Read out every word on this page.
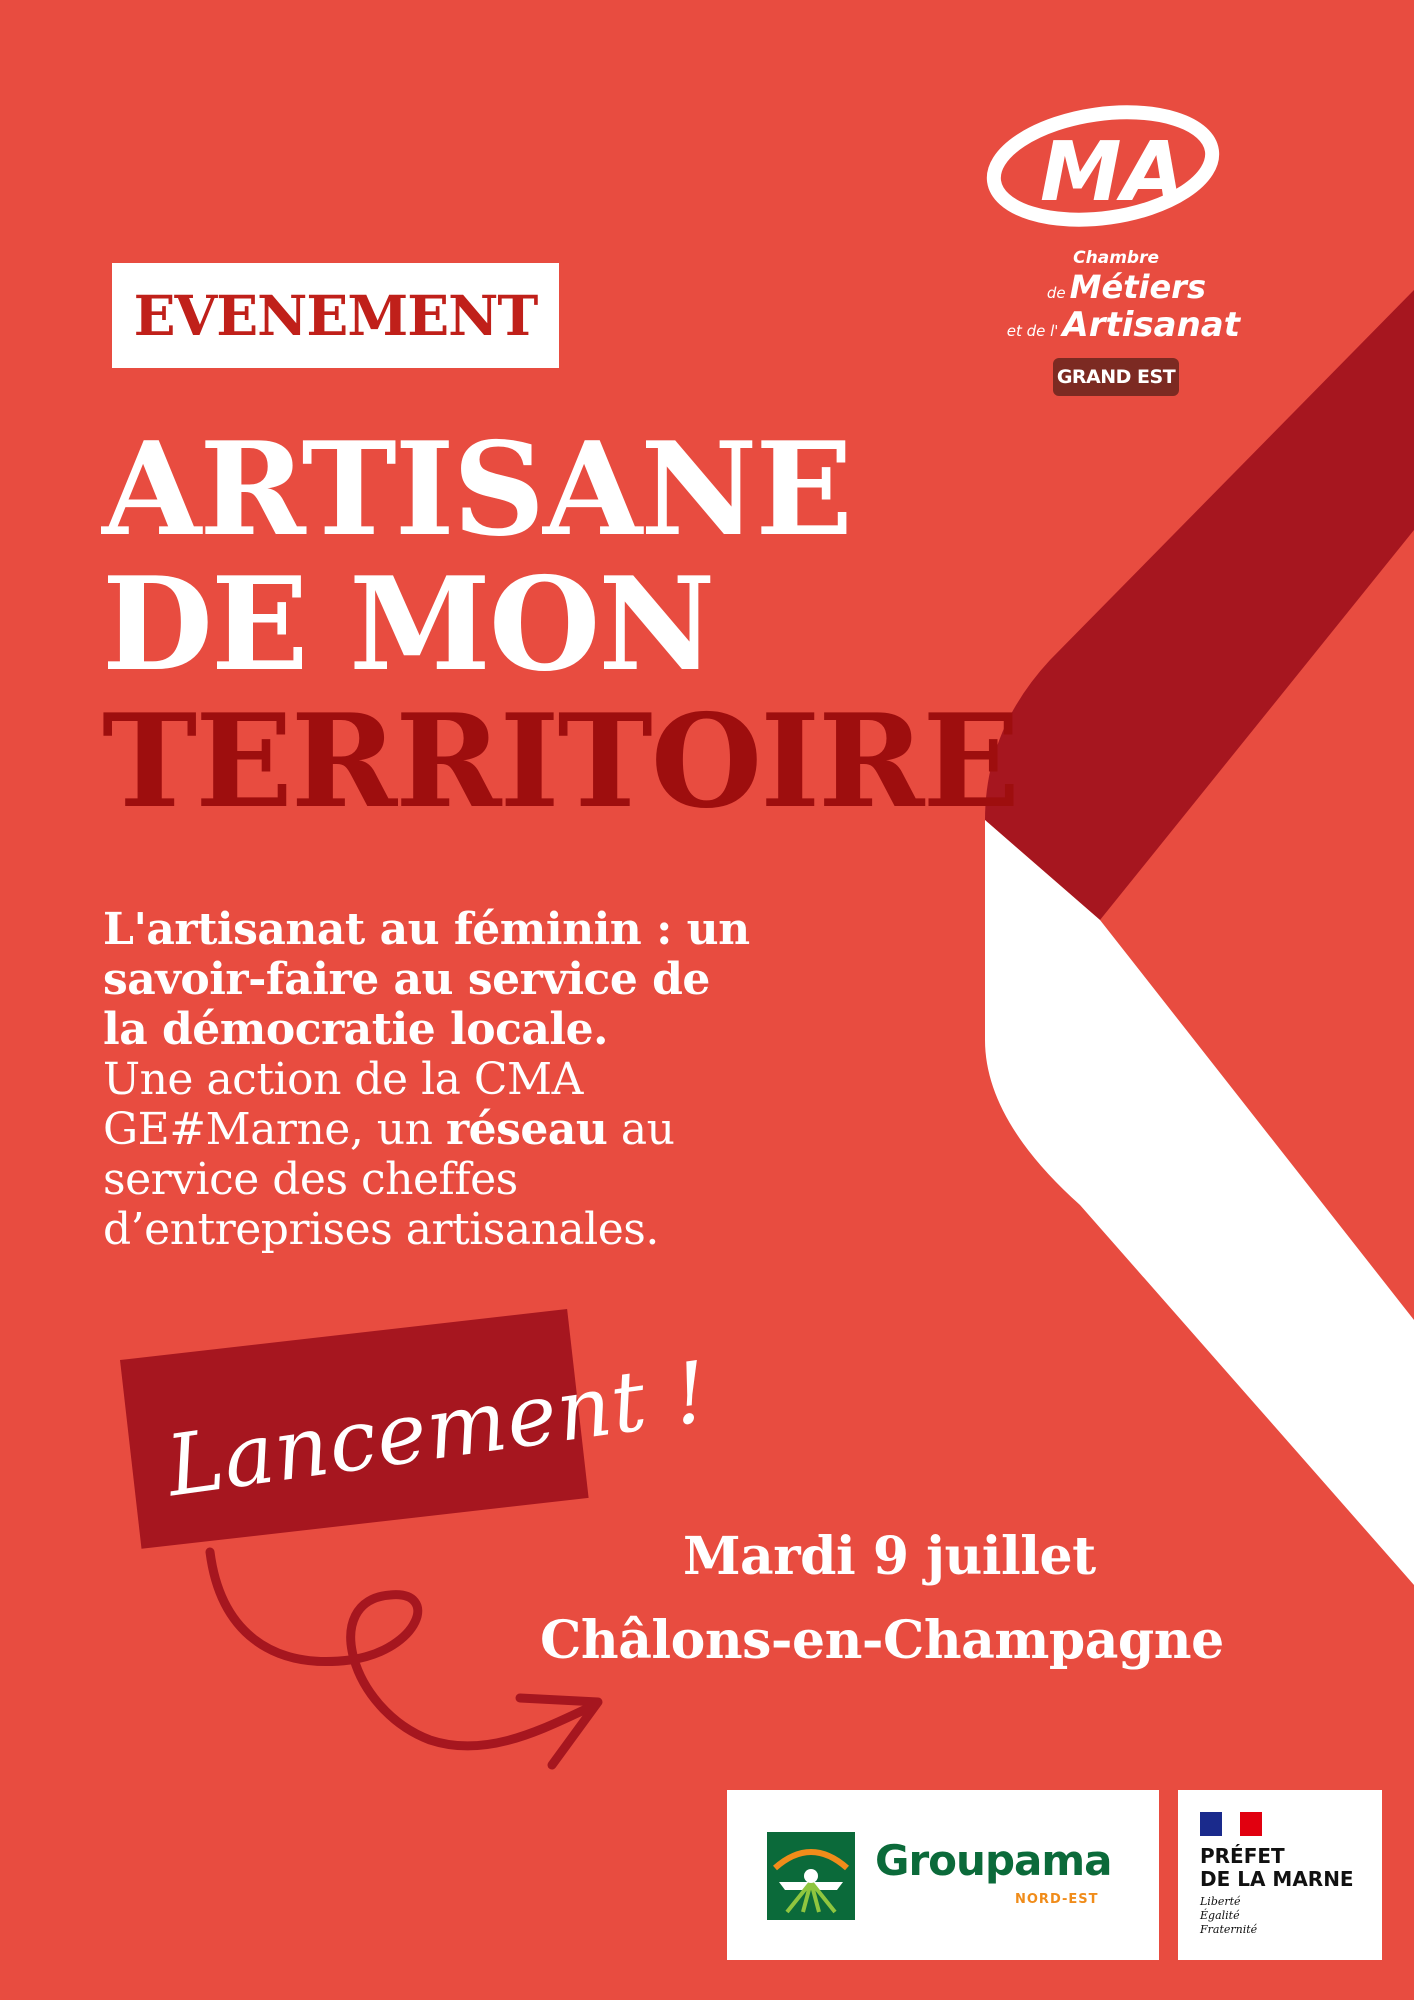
MA
Chambre
de Métiers
et de l' Artisanat
GRAND EST
EVENEMENT
ARTISANE
DE MON
TERRITOIRE
L'artisanat au féminin : un
savoir-faire au service de
la démocratie locale.
Une action de la CMA
GE#Marne, un réseau au
service des cheffes
d’entreprises artisanales.
Lancement !
Mardi 9 juillet
Châlons-en-Champagne
Groupama
NORD-EST
PRÉFET
DE LA MARNE
Liberté
Égalité
Fraternité
